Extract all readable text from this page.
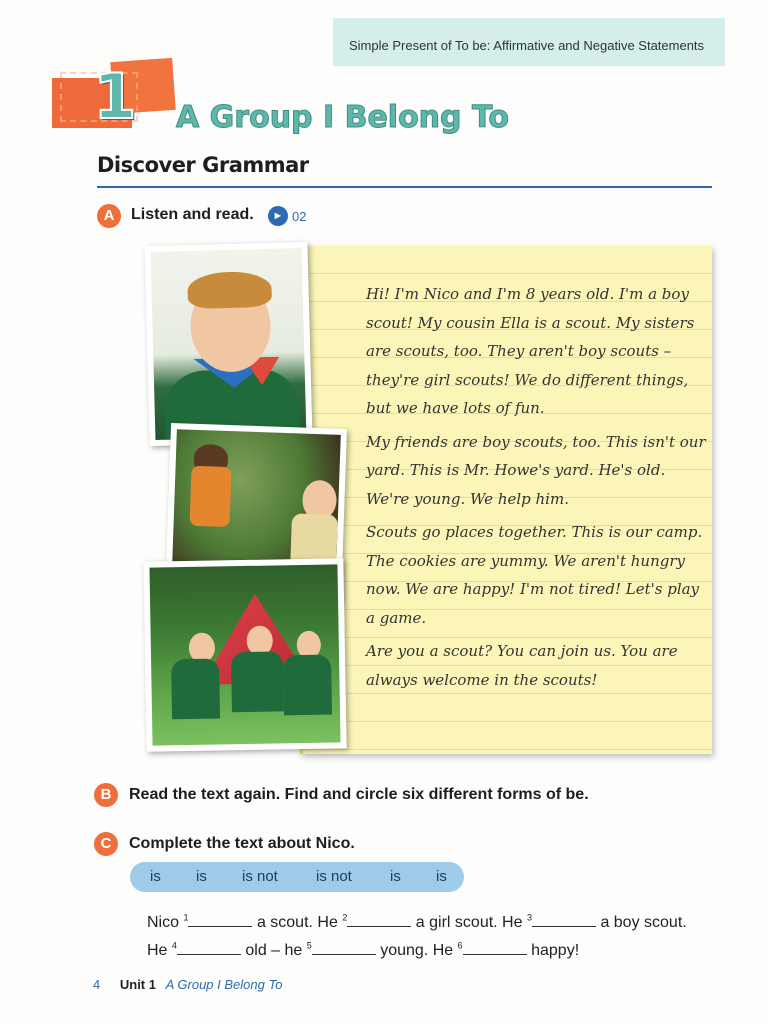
Simple Present of To be: Affirmative and Negative Statements
1 A Group I Belong To
Discover Grammar
A	Listen and read.	► 02

Hi! I'm Nico and I'm 8 years old. I'm a boy scout! My cousin Ella is a scout. My sisters are scouts, too. They aren't boy scouts – they're girl scouts! We do different things, but we have lots of fun.

My friends are boy scouts, too. This isn't our yard. This is Mr. Howe's yard. He's old. We're young. We help him.

Scouts go places together. This is our camp. The cookies are yummy. We aren't hungry now. We are happy! I'm not tired! Let's play a game.

Are you a scout? You can join us. You are always welcome in the scouts!

B	Read the text again. Find and circle six different forms of be.
C	Complete the text about Nico.
is is is not	is not	is is
Nico $^1$	a scout. He $^2$	a girl scout. He $^3$	a boy scout.
He $^4$	old – he $^5$	young. He $^6$	happy!
4 Unit 1 A Group I Belong To
